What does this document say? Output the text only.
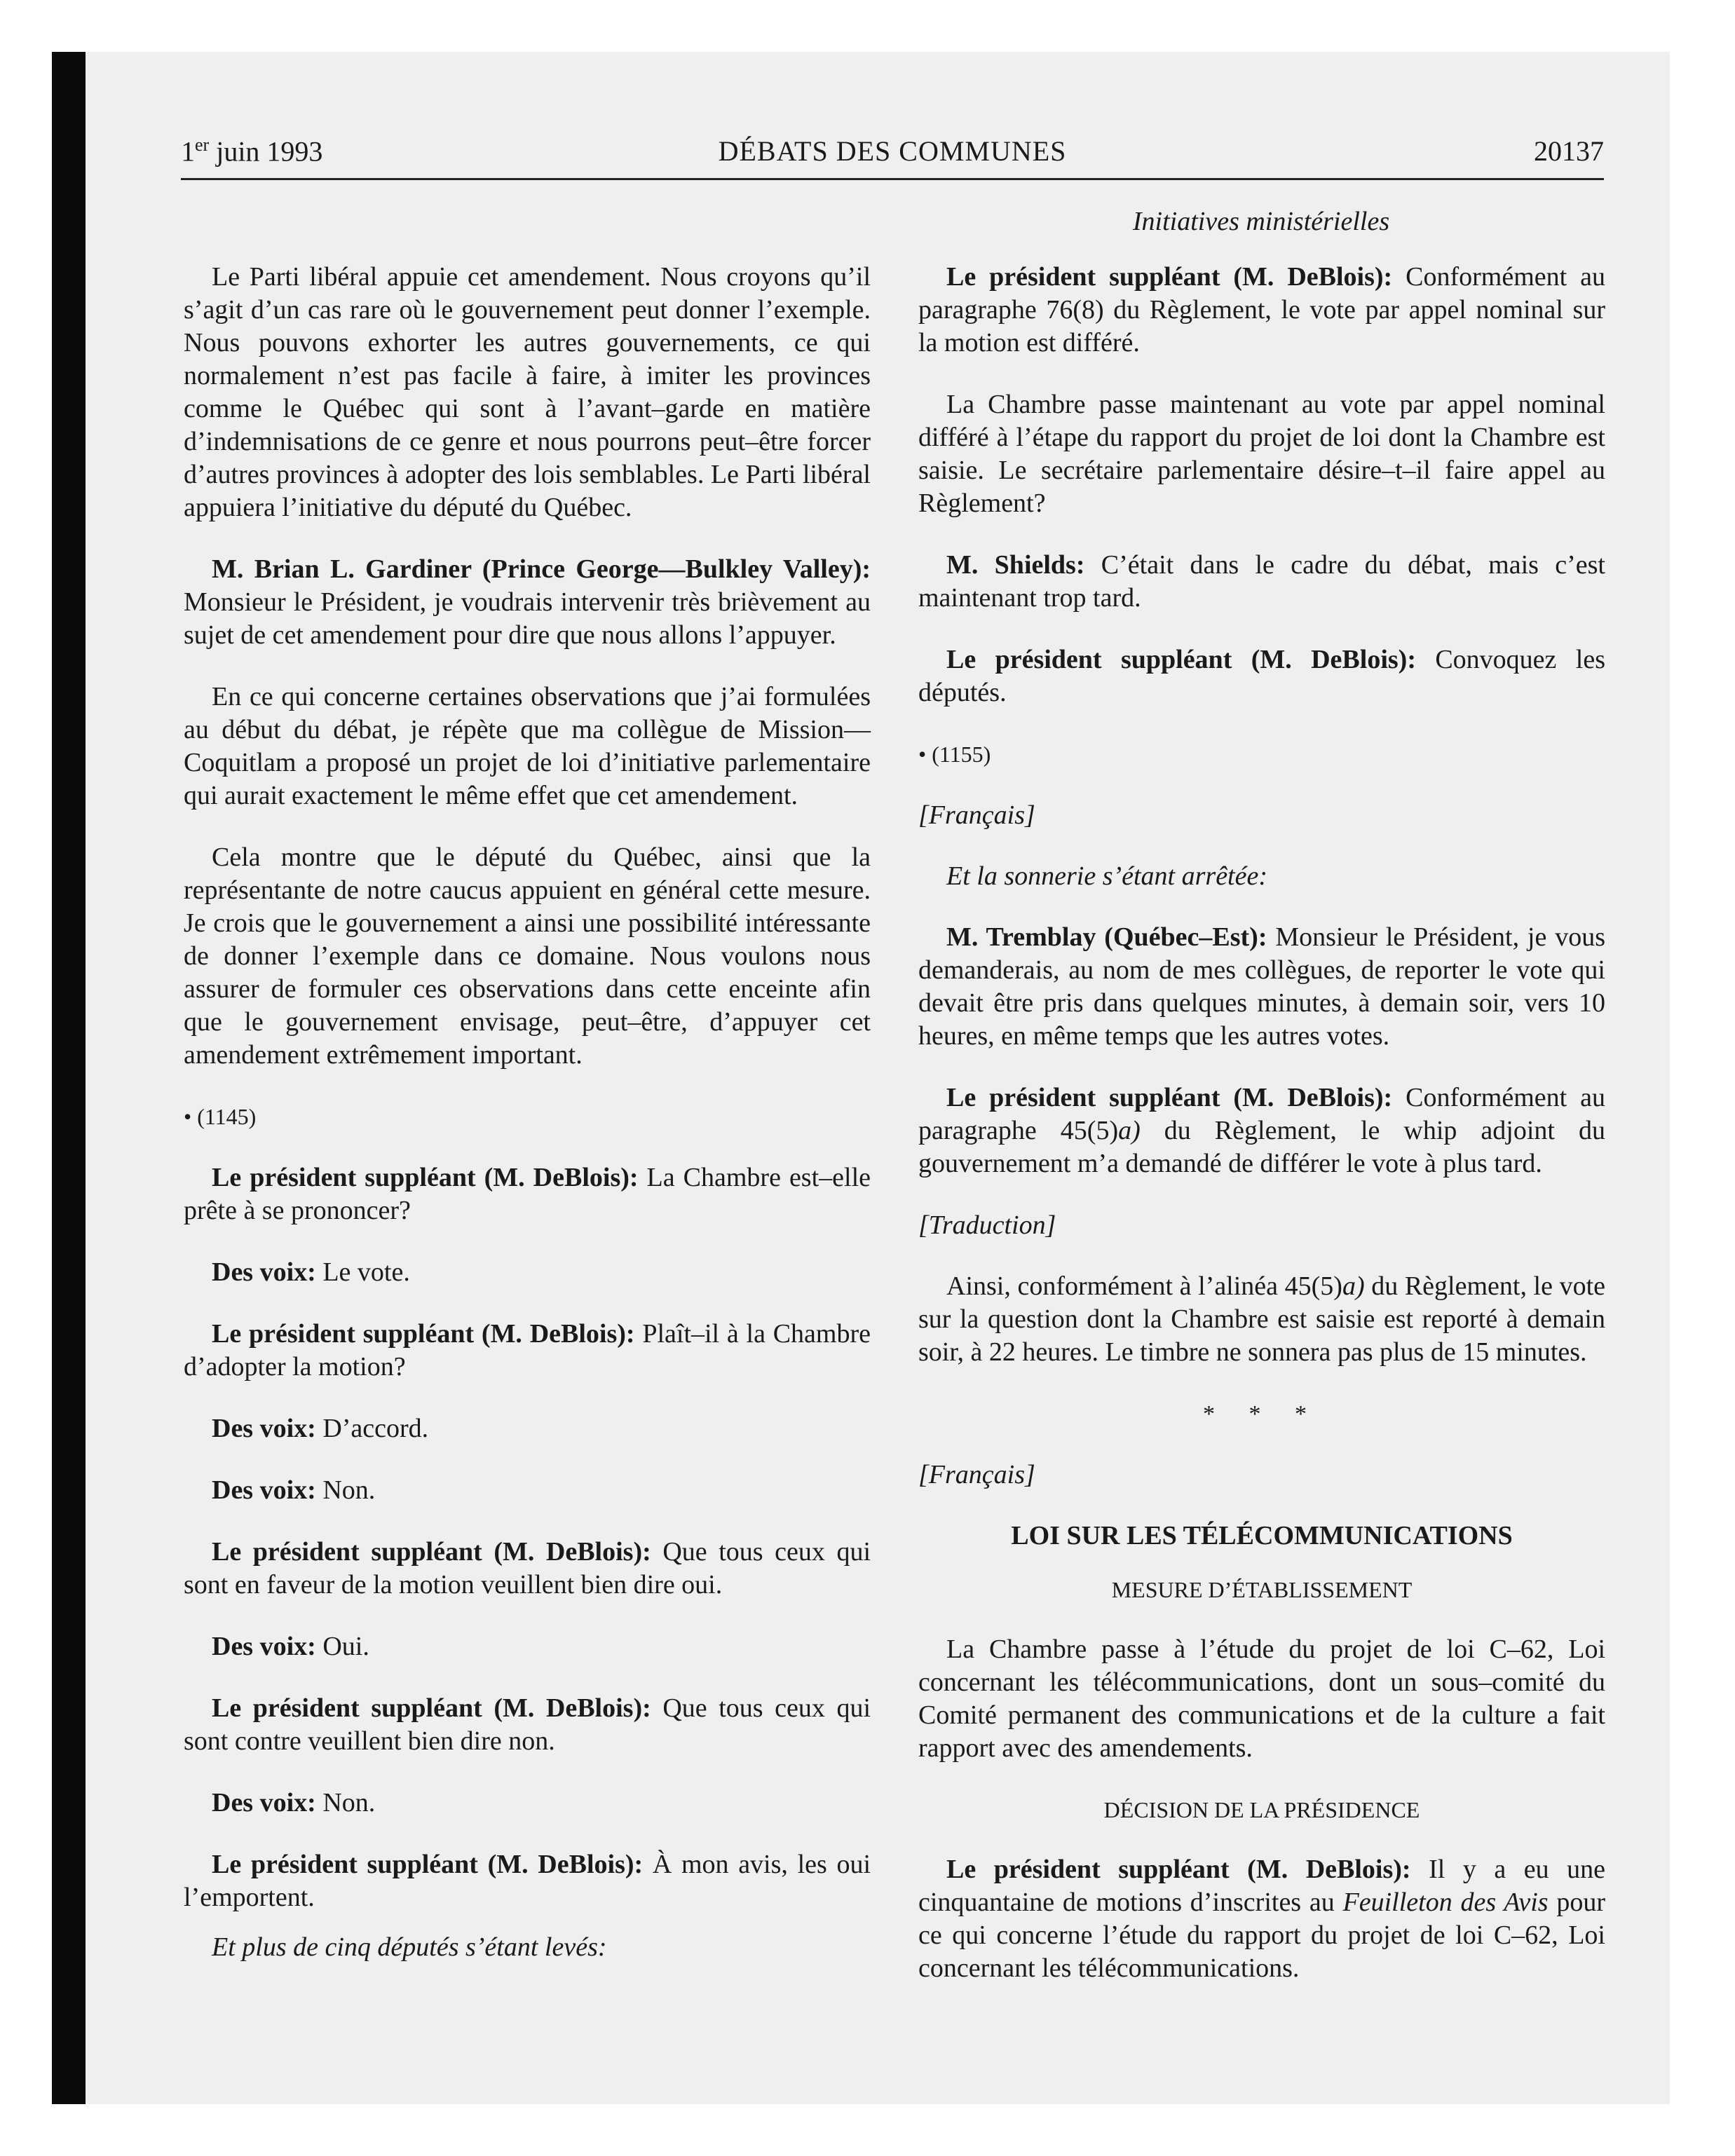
1er juin 1993	DÉBATS DES COMMUNES	20137
Initiatives ministérielles

Le Parti libéral appuie cet amendement. Nous croyons qu’il s’agit d’un cas rare où le gouvernement peut donner l’exemple. Nous pouvons exhorter les autres gouvernements, ce qui normalement n’est pas facile à faire, à imiter les provinces comme le Québec qui sont à l’avant–garde en matière d’indemnisations de ce genre et nous pourrons peut–être forcer d’autres provinces à adopter des lois semblables. Le Parti libéral appuiera l’initiative du député du Québec.

M. Brian L. Gardiner (Prince George—Bulkley Valley): Monsieur le Président, je voudrais intervenir très brièvement au sujet de cet amendement pour dire que nous allons l’appuyer.

En ce qui concerne certaines observations que j’ai formulées au début du débat, je répète que ma collègue de Mission—Coquitlam a proposé un projet de loi d’initiative parlementaire qui aurait exactement le même effet que cet amendement.

Cela montre que le député du Québec, ainsi que la représentante de notre caucus appuient en général cette mesure. Je crois que le gouvernement a ainsi une possibilité intéressante de donner l’exemple dans ce domaine. Nous voulons nous assurer de formuler ces observations dans cette enceinte afin que le gouvernement envisage, peut–être, d’appuyer cet amendement extrêmement important.

• (1145)

Le président suppléant (M. DeBlois): La Chambre est–elle prête à se prononcer?

Des voix: Le vote.

Le président suppléant (M. DeBlois): Plaît–il à la Chambre d’adopter la motion?

Des voix: D’accord.

Des voix: Non.

Le président suppléant (M. DeBlois): Que tous ceux qui sont en faveur de la motion veuillent bien dire oui.

Des voix: Oui.

Le président suppléant (M. DeBlois): Que tous ceux qui sont contre veuillent bien dire non.

Des voix: Non.

Le président suppléant (M. DeBlois): À mon avis, les oui l’emportent.

Et plus de cinq députés s’étant levés:

Le président suppléant (M. DeBlois): Conformément au paragraphe 76(8) du Règlement, le vote par appel nominal sur la motion est différé.

La Chambre passe maintenant au vote par appel nominal différé à l’étape du rapport du projet de loi dont la Chambre est saisie. Le secrétaire parlementaire désire–t–il faire appel au Règlement?

M. Shields: C’était dans le cadre du débat, mais c’est maintenant trop tard.

Le président suppléant (M. DeBlois): Convoquez les députés.

• (1155)
[Français]
Et la sonnerie s’étant arrêtée:

M. Tremblay (Québec–Est): Monsieur le Président, je vous demanderais, au nom de mes collègues, de reporter le vote qui devait être pris dans quelques minutes, à demain soir, vers 10 heures, en même temps que les autres votes.

Le président suppléant (M. DeBlois): Conformément au paragraphe 45(5)a) du Règlement, le whip adjoint du gouvernement m’a demandé de différer le vote à plus tard.

[Traduction]

Ainsi, conformément à l’alinéa 45(5)a) du Règlement, le vote sur la question dont la Chambre est saisie est reporté à demain soir, à 22 heures. Le timbre ne sonnera pas plus de 15 minutes.

* * *
[Français]
LOI SUR LES TÉLÉCOMMUNICATIONS
MESURE D’ÉTABLISSEMENT

La Chambre passe à l’étude du projet de loi C–62, Loi concernant les télécommunications, dont un sous–comité du Comité permanent des communications et de la culture a fait rapport avec des amendements.

DÉCISION DE LA PRÉSIDENCE

Le président suppléant (M. DeBlois): Il y a eu une cinquantaine de motions d’inscrites au Feuilleton des Avis pour ce qui concerne l’étude du rapport du projet de loi C–62, Loi concernant les télécommunications.
